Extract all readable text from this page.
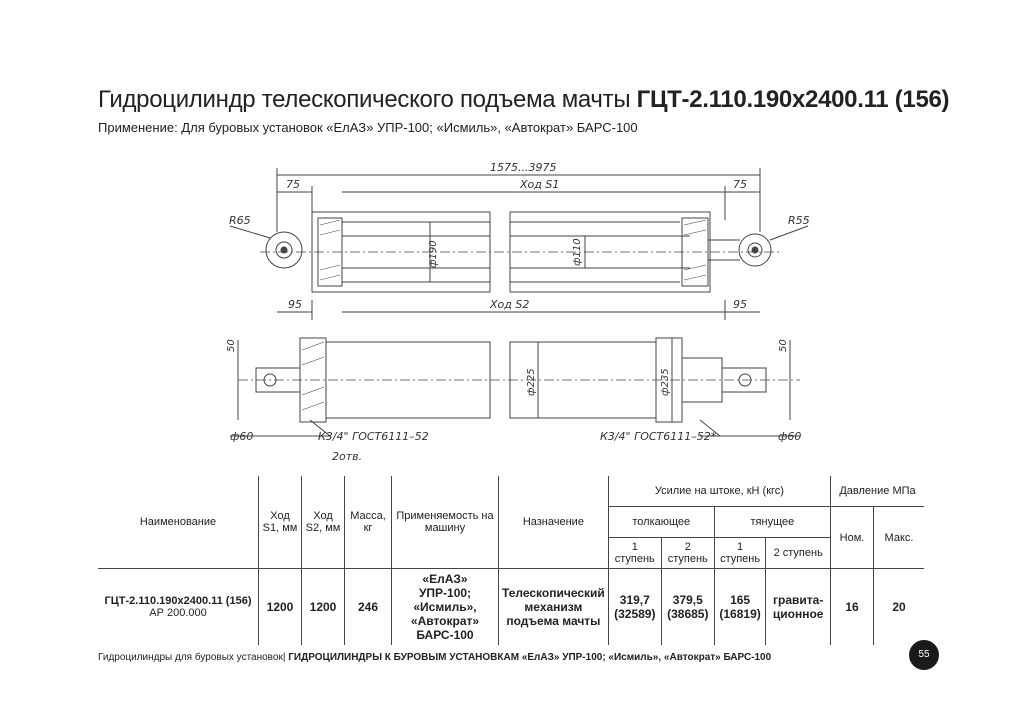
Гидроцилиндр телескопического подъема мачты ГЦТ-2.110.190х2400.11 (156)
Применение: Для буровых установок «ЕлАЗ» УПР-100; «Исмиль», «Автократ» БАРС-100
1575...3975
75	75
Ход S1
R65	R55
ф190	ф110
95	95
Ход S2
50	50
ф225	ф235
ф60	ф60
К3/4" ГОСТ6111–52
2отв.
К3/4" ГОСТ6111–52*
Наименование	Ход S1, мм	Ход S2, мм	Масса, кг	Применяемость на машину	Назначение	Усилие на штоке, кН (кгс)				Давление МПа	
						толкающее		тянущее		Ном.	Макс.
						1 ступень	2 ступень	1 ступень	2 ступень		
ГЦТ-2.110.190х2400.11 (156)
АР 200.000	1200	1200	246	«ЕлАЗ» УПР-100; «Исмиль», «Автократ» БАРС-100	Телескопический механизм подъема мачты	319,7 (32589)	379,5 (38685)	165 (16819)	гравита-ционное	16	20
Гидроцилиндры для буровых установок| ГИДРОЦИЛИНДРЫ К БУРОВЫМ УСТАНОВКАМ «ЕлАЗ» УПР-100; «Исмиль», «Автократ» БАРС-100	55
